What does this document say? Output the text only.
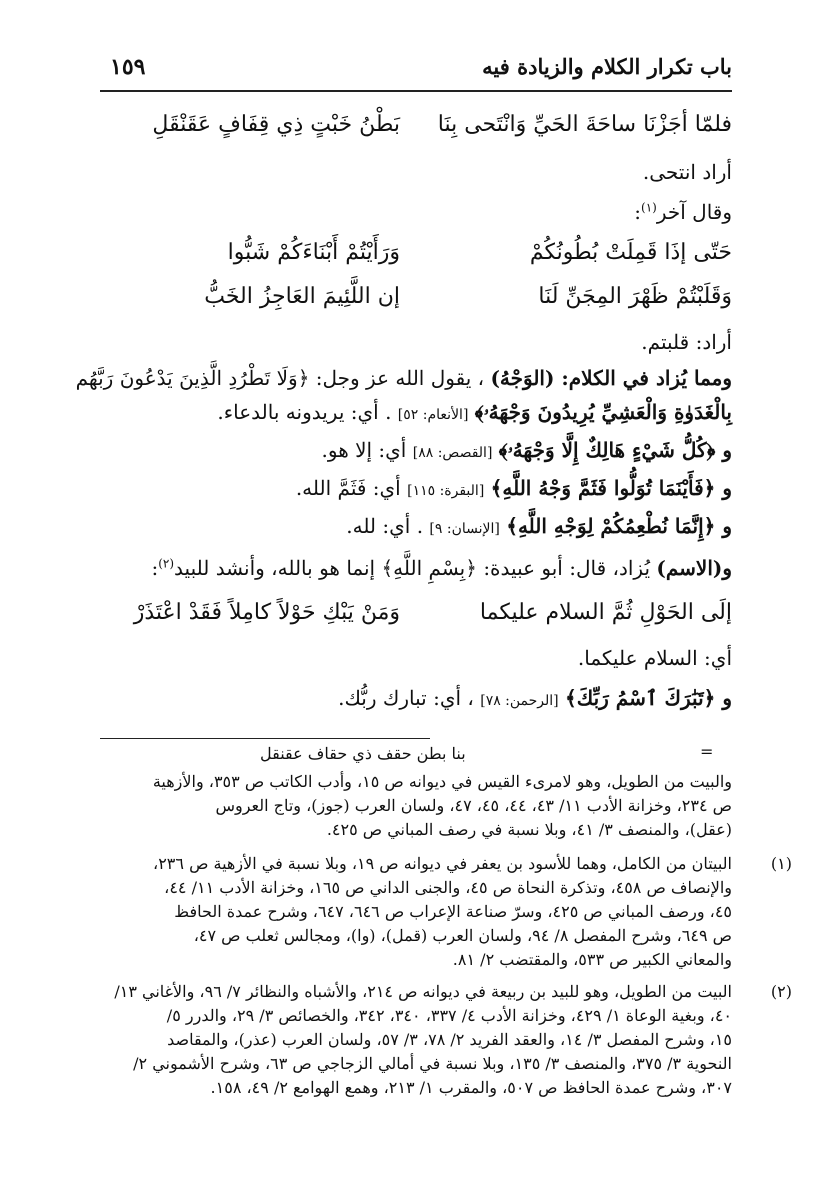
باب تكرار الكلام والزيادة فيه
١٥٩
فلمّا أجَزْنَا ساحَةَ الحَيِّ وَانْتَحى بِنَا
بَطْنُ خَبْتٍ ذِي قِفَافٍ عَقَنْقَلِ
أراد انتحى.
وقال آخر$^{(١)}$:
حَتّى إذَا قَمِلَتْ بُطُونُكُمْ
وَرَأَيْتُمْ أَبْنَاءَكُمْ شَبُّوا
وَقَلَبْتُمْ ظَهْرَ المِجَنِّ لَنَا
إن اللَّئِيمَ العَاجِزُ الخَبُّ
أراد: قلبتم.
ومما يُزاد في الكلام: (الوَجْهُ) ، يقول الله عز وجل: ﴿وَلَا تَطْرُدِ الَّذِينَ يَدْعُونَ رَبَّهُم
بِالْغَدَوٰةِ وَالْعَشِيِّ يُرِيدُونَ وَجْهَهُۥ﴾ [الأنعام: ٥٢] . أي: يريدونه بالدعاء.
و ﴿كُلُّ شَيْءٍ هَالِكٌ إِلَّا وَجْهَهُۥ﴾ [القصص: ٨٨] أي: إلا هو.
و ﴿فَأَيْنَمَا تُوَلُّوا فَثَمَّ وَجْهُ اللَّهِ﴾ [البقرة: ١١٥] أي: فَثَمَّ الله.
و ﴿إِنَّمَا نُطْعِمُكُمْ لِوَجْهِ اللَّهِ﴾ [الإنسان: ٩] . أي: لله.
و(الاسم) يُزاد، قال: أبو عبيدة: ﴿بِسْمِ اللَّهِ﴾ إنما هو بالله، وأنشد للبيد$^{(٢)}$:
إلَى الحَوْلِ ثُمَّ السلام عليكما
وَمَنْ يَبْكِ حَوْلاً كامِلاً فَقَدْ اعْتَذَرْ
أي: السلام عليكما.
و ﴿تَبَٰرَكَ ٱسْمُ رَبِّكَ﴾ [الرحمن: ٧٨] ، أي: تبارك ربُّك.
=
بنا بطن حقف ذي حقاف عقنقل
والبيت من الطويل، وهو لامرىء القيس في ديوانه ص ١٥، وأدب الكاتب ص ٣٥٣، والأزهية
ص ٢٣٤، وخزانة الأدب ١١/ ٤٣، ٤٤، ٤٥، ٤٧، ولسان العرب (جوز)، وتاج العروس
(عقل)، والمنصف ٣/ ٤١، وبلا نسبة في رصف المباني ص ٤٢٥.
(١)
البيتان من الكامل، وهما للأسود بن يعفر في ديوانه ص ١٩، وبلا نسبة في الأزهية ص ٢٣٦،
والإنصاف ص ٤٥٨، وتذكرة النحاة ص ٤٥، والجنى الداني ص ١٦٥، وخزانة الأدب ١١/ ٤٤،
٤٥، ورصف المباني ص ٤٢٥، وسرّ صناعة الإعراب ص ٦٤٦، ٦٤٧، وشرح عمدة الحافظ
ص ٦٤٩، وشرح المفصل ٨/ ٩٤، ولسان العرب (قمل)، (وا)، ومجالس ثعلب ص ٤٧،
والمعاني الكبير ص ٥٣٣، والمقتضب ٢/ ٨١.
(٢)
البيت من الطويل، وهو للبيد بن ربيعة في ديوانه ص ٢١٤، والأشباه والنظائر ٧/ ٩٦، والأغاني ١٣/
٤٠، وبغية الوعاة ١/ ٤٢٩، وخزانة الأدب ٤/ ٣٣٧، ٣٤٠، ٣٤٢، والخصائص ٣/ ٢٩، والدرر ٥/
١٥، وشرح المفصل ٣/ ١٤، والعقد الفريد ٢/ ٧٨، ٣/ ٥٧، ولسان العرب (عذر)، والمقاصد
النحوية ٣/ ٣٧٥، والمنصف ٣/ ١٣٥، وبلا نسبة في أمالي الزجاجي ص ٦٣، وشرح الأشموني ٢/
٣٠٧، وشرح عمدة الحافظ ص ٥٠٧، والمقرب ١/ ٢١٣، وهمع الهوامع ٢/ ٤٩، ١٥٨.
